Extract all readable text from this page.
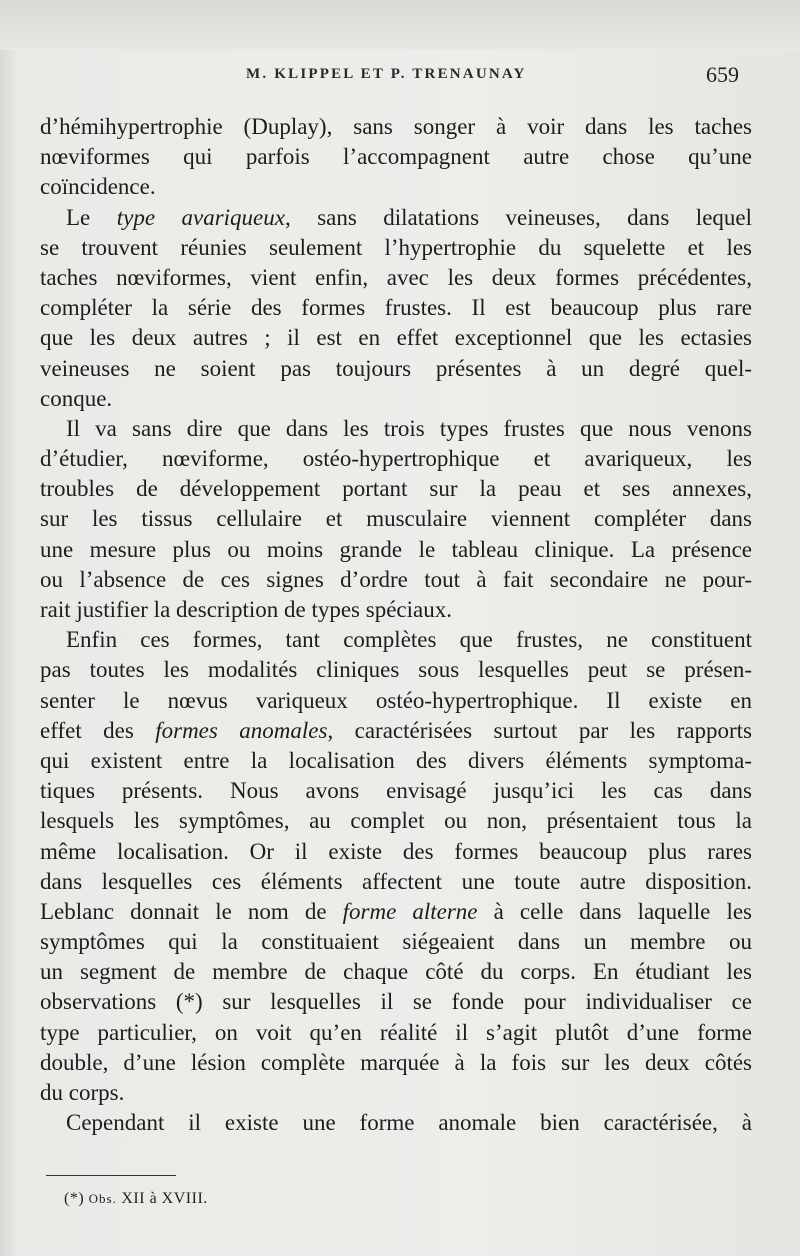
M. KLIPPEL ET P. TRENAUNAY	659
d’hémihypertrophie (Duplay), sans songer à voir dans les taches
nœviformes qui parfois l’accompagnent autre chose qu’une
coïncidence.
Le type avariqueux, sans dilatations veineuses, dans lequel
se trouvent réunies seulement l’hypertrophie du squelette et les
taches nœviformes, vient enfin, avec les deux formes précédentes,
compléter la série des formes frustes. Il est beaucoup plus rare
que les deux autres ; il est en effet exceptionnel que les ectasies
veineuses ne soient pas toujours présentes à un degré quel-
conque.
Il va sans dire que dans les trois types frustes que nous venons
d’étudier, nœviforme, ostéo-hypertrophique et avariqueux, les
troubles de développement portant sur la peau et ses annexes,
sur les tissus cellulaire et musculaire viennent compléter dans
une mesure plus ou moins grande le tableau clinique. La présence
ou l’absence de ces signes d’ordre tout à fait secondaire ne pour-
rait justifier la description de types spéciaux.
Enfin ces formes, tant complètes que frustes, ne constituent
pas toutes les modalités cliniques sous lesquelles peut se présen-
senter le nœvus variqueux ostéo-hypertrophique. Il existe en
effet des formes anomales, caractérisées surtout par les rapports
qui existent entre la localisation des divers éléments symptoma-
tiques présents. Nous avons envisagé jusqu’ici les cas dans
lesquels les symptômes, au complet ou non, présentaient tous la
même localisation. Or il existe des formes beaucoup plus rares
dans lesquelles ces éléments affectent une toute autre disposition.
Leblanc donnait le nom de forme alterne à celle dans laquelle les
symptômes qui la constituaient siégeaient dans un membre ou
un segment de membre de chaque côté du corps. En étudiant les
observations (*) sur lesquelles il se fonde pour individualiser ce
type particulier, on voit qu’en réalité il s’agit plutôt d’une forme
double, d’une lésion complète marquée à la fois sur les deux côtés
du corps.
Cependant il existe une forme anomale bien caractérisée, à
(*) Obs. XII à XVIII.
